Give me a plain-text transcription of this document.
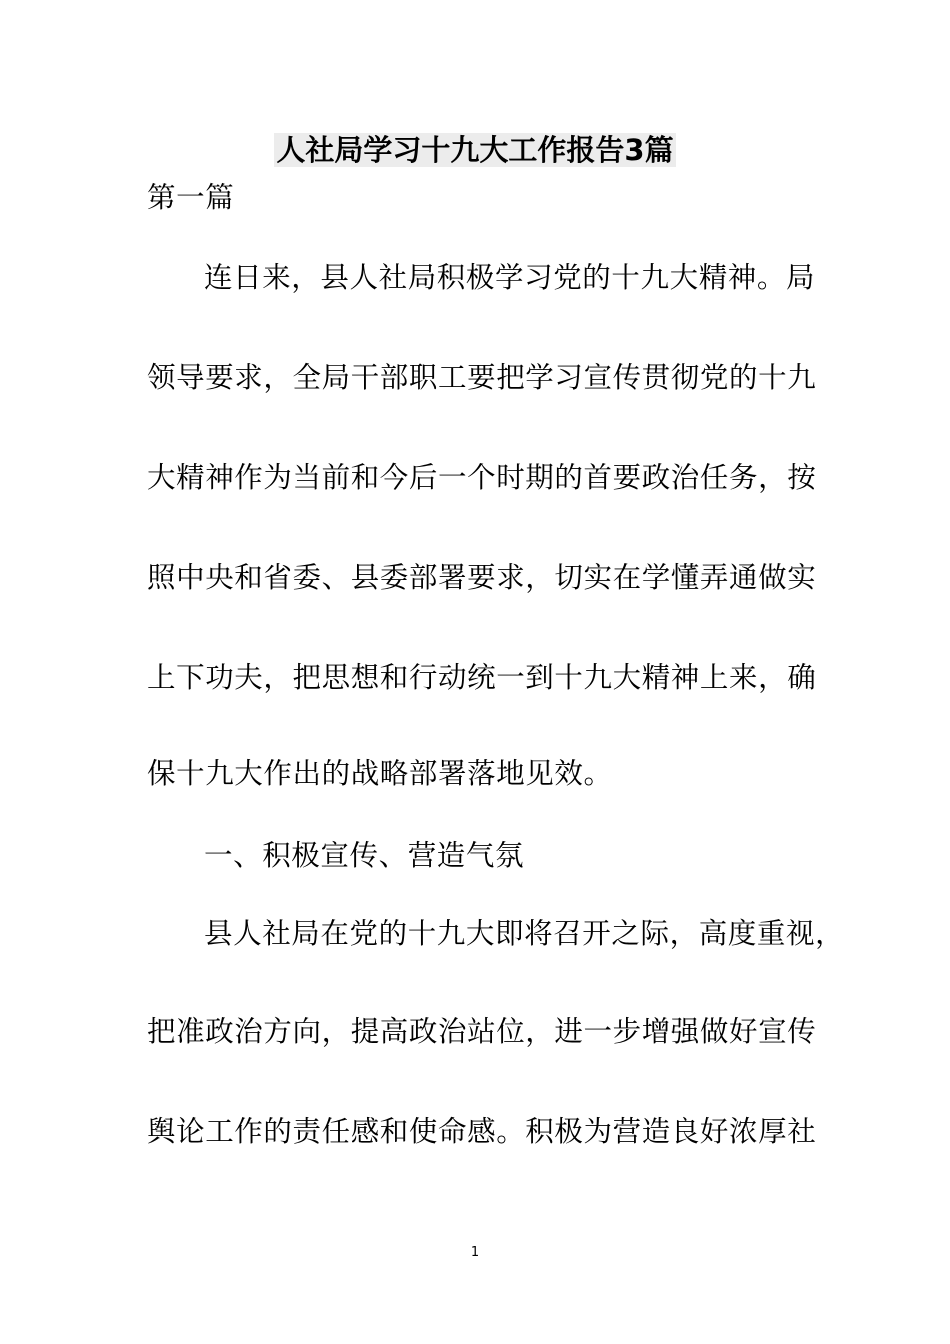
人社局学习十九大工作报告3篇
第一篇
连日来，县人社局积极学习党的十九大精神。局
领导要求，全局干部职工要把学习宣传贯彻党的十九
大精神作为当前和今后一个时期的首要政治任务，按
照中央和省委、县委部署要求，切实在学懂弄通做实
上下功夫，把思想和行动统一到十九大精神上来，确
保十九大作出的战略部署落地见效。
一、积极宣传、营造气氛
县人社局在党的十九大即将召开之际，高度重视，
把准政治方向，提高政治站位，进一步增强做好宣传
舆论工作的责任感和使命感。积极为营造良好浓厚社
1
